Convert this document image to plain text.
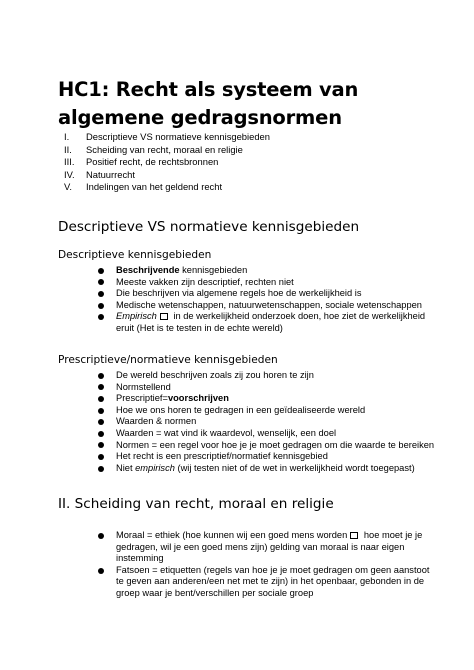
HC1: Recht als systeem van algemene gedragsnormen
I.	Descriptieve VS normatieve kennisgebieden
II.	Scheiding van recht, moraal en religie
III.	Positief recht, de rechtsbronnen
IV.	Natuurrecht
V.	Indelingen van het geldend recht
Descriptieve VS normatieve kennisgebieden
Descriptieve kennisgebieden
Beschrijvende kennisgebieden
Meeste vakken zijn descriptief, rechten niet
Die beschrijven via algemene regels hoe de werkelijkheid is
Medische wetenschappen, natuurwetenschappen, sociale wetenschappen
Empirisch in de werkelijkheid onderzoek doen, hoe ziet de werkelijkheid eruit (Het is te testen in de echte wereld)
Prescriptieve/normatieve kennisgebieden
De wereld beschrijven zoals zij zou horen te zijn
Normstellend
Prescriptief=voorschrijven
Hoe we ons horen te gedragen in een geïdealiseerde wereld
Waarden & normen
Waarden = wat vind ik waardevol, wenselijk, een doel
Normen = een regel voor hoe je je moet gedragen om die waarde te bereiken
Het recht is een prescriptief/normatief kennisgebied
Niet empirisch (wij testen niet of de wet in werkelijkheid wordt toegepast)
II. Scheiding van recht, moraal en religie
Moraal = ethiek (hoe kunnen wij een goed mens worden hoe moet je je gedragen, wil je een goed mens zijn) gelding van moraal is naar eigen instemming
Fatsoen = etiquetten (regels van hoe je je moet gedragen om geen aanstoot te geven aan anderen/een net met te zijn) in het openbaar, gebonden in de groep waar je bent/verschillen per sociale groep
